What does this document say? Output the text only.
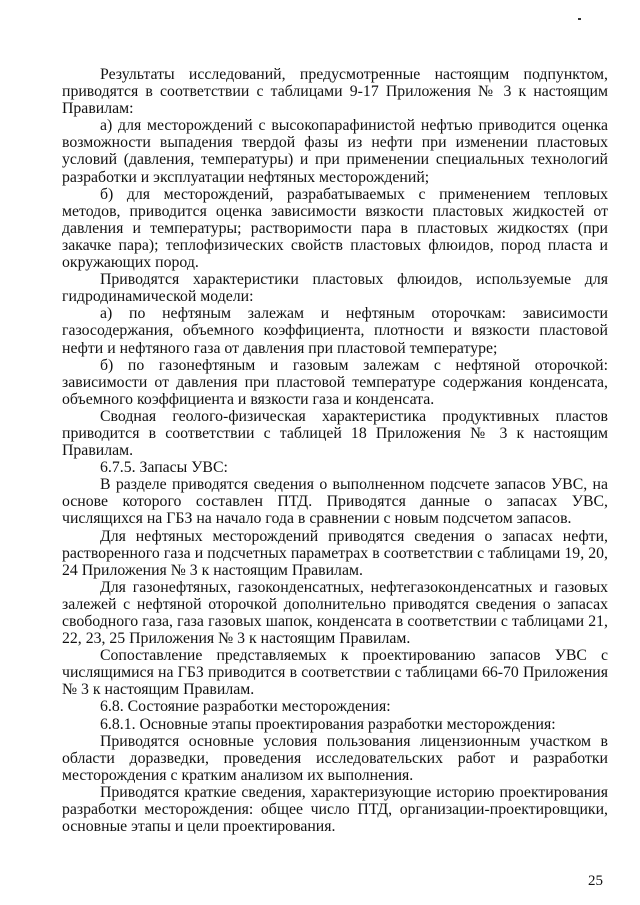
Результаты исследований, предусмотренные настоящим подпунктом, приводятся в соответствии с таблицами 9-17 Приложения № 3 к настоящим Правилам:

а) для месторождений с высокопарафинистой нефтью приводится оценка возможности выпадения твердой фазы из нефти при изменении пластовых условий (давления, температуры) и при применении специальных технологий разработки и эксплуатации нефтяных месторождений;

б) для месторождений, разрабатываемых с применением тепловых методов, приводится оценка зависимости вязкости пластовых жидкостей от давления и температуры; растворимости пара в пластовых жидкостях (при закачке пара); теплофизических свойств пластовых флюидов, пород пласта и окружающих пород.

Приводятся характеристики пластовых флюидов, используемые для гидродинамической модели:

а) по нефтяным залежам и нефтяным оторочкам: зависимости газосодержания, объемного коэффициента, плотности и вязкости пластовой нефти и нефтяного газа от давления при пластовой температуре;

б) по газонефтяным и газовым залежам с нефтяной оторочкой: зависимости от давления при пластовой температуре содержания конденсата, объемного коэффициента и вязкости газа и конденсата.

Сводная геолого-физическая характеристика продуктивных пластов приводится в соответствии с таблицей 18 Приложения № 3 к настоящим Правилам.

6.7.5. Запасы УВС:

В разделе приводятся сведения о выполненном подсчете запасов УВС, на основе которого составлен ПТД. Приводятся данные о запасах УВС, числящихся на ГБЗ на начало года в сравнении с новым подсчетом запасов.

Для нефтяных месторождений приводятся сведения о запасах нефти, растворенного газа и подсчетных параметрах в соответствии с таблицами 19, 20, 24 Приложения № 3 к настоящим Правилам.

Для газонефтяных, газоконденсатных, нефтегазоконденсатных и газовых залежей с нефтяной оторочкой дополнительно приводятся сведения о запасах свободного газа, газа газовых шапок, конденсата в соответствии с таблицами 21, 22, 23, 25 Приложения № 3 к настоящим Правилам.

Сопоставление представляемых к проектированию запасов УВС с числящимися на ГБЗ приводится в соответствии с таблицами 66-70 Приложения № 3 к настоящим Правилам.

6.8. Состояние разработки месторождения:

6.8.1. Основные этапы проектирования разработки месторождения:

Приводятся основные условия пользования лицензионным участком в области доразведки, проведения исследовательских работ и разработки месторождения с кратким анализом их выполнения.

Приводятся краткие сведения, характеризующие историю проектирования разработки месторождения: общее число ПТД, организации-проектировщики, основные этапы и цели проектирования.

25
